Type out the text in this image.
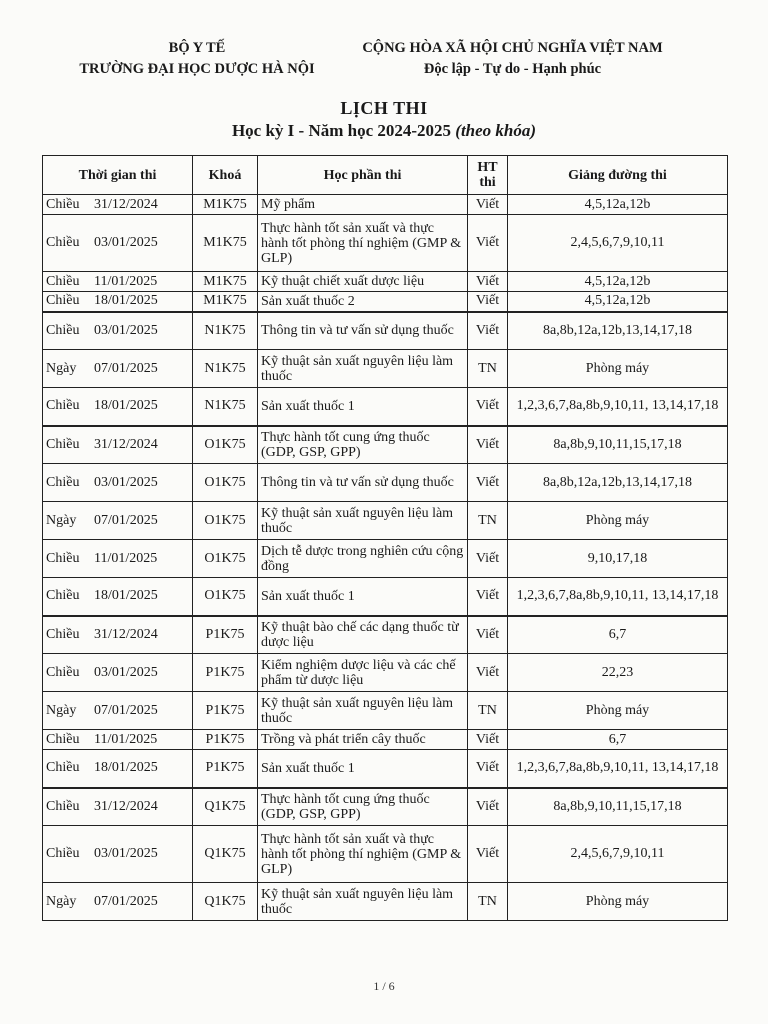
BỘ Y TẾ
TRƯỜNG ĐẠI HỌC DƯỢC HÀ NỘI
CỘNG HÒA XÃ HỘI CHỦ NGHĨA VIỆT NAM
Độc lập - Tự do - Hạnh phúc
LỊCH THI
Học kỳ I - Năm học 2024-2025 (theo khóa)
Thời gian thi	Khoá	Học phần thi	HT thi	Giảng đường thi
Chiều 31/12/2024	M1K75	Mỹ phẩm	Viết	4,5,12a,12b
Chiều 03/01/2025	M1K75	Thực hành tốt sản xuất và thực hành tốt phòng thí nghiệm (GMP & GLP)	Viết	2,4,5,6,7,9,10,11
Chiều 11/01/2025	M1K75	Kỹ thuật chiết xuất dược liệu	Viết	4,5,12a,12b
Chiều 18/01/2025	M1K75	Sản xuất thuốc 2	Viết	4,5,12a,12b
Chiều 03/01/2025	N1K75	Thông tin và tư vấn sử dụng thuốc	Viết	8a,8b,12a,12b,13,14,17,18
Ngày 07/01/2025	N1K75	Kỹ thuật sản xuất nguyên liệu làm thuốc	TN	Phòng máy
Chiều 18/01/2025	N1K75	Sản xuất thuốc 1	Viết	1,2,3,6,7,8a,8b,9,10,11, 13,14,17,18
Chiều 31/12/2024	O1K75	Thực hành tốt cung ứng thuốc (GDP, GSP, GPP)	Viết	8a,8b,9,10,11,15,17,18
Chiều 03/01/2025	O1K75	Thông tin và tư vấn sử dụng thuốc	Viết	8a,8b,12a,12b,13,14,17,18
Ngày 07/01/2025	O1K75	Kỹ thuật sản xuất nguyên liệu làm thuốc	TN	Phòng máy
Chiều 11/01/2025	O1K75	Dịch tễ dược trong nghiên cứu cộng đồng	Viết	9,10,17,18
Chiều 18/01/2025	O1K75	Sản xuất thuốc 1	Viết	1,2,3,6,7,8a,8b,9,10,11, 13,14,17,18
Chiều 31/12/2024	P1K75	Kỹ thuật bào chế các dạng thuốc từ dược liệu	Viết	6,7
Chiều 03/01/2025	P1K75	Kiểm nghiệm dược liệu và các chế phẩm từ dược liệu	Viết	22,23
Ngày 07/01/2025	P1K75	Kỹ thuật sản xuất nguyên liệu làm thuốc	TN	Phòng máy
Chiều 11/01/2025	P1K75	Trồng và phát triển cây thuốc	Viết	6,7
Chiều 18/01/2025	P1K75	Sản xuất thuốc 1	Viết	1,2,3,6,7,8a,8b,9,10,11, 13,14,17,18
Chiều 31/12/2024	Q1K75	Thực hành tốt cung ứng thuốc (GDP, GSP, GPP)	Viết	8a,8b,9,10,11,15,17,18
Chiều 03/01/2025	Q1K75	Thực hành tốt sản xuất và thực hành tốt phòng thí nghiệm (GMP & GLP)	Viết	2,4,5,6,7,9,10,11
Ngày 07/01/2025	Q1K75	Kỹ thuật sản xuất nguyên liệu làm thuốc	TN	Phòng máy
1 / 6
